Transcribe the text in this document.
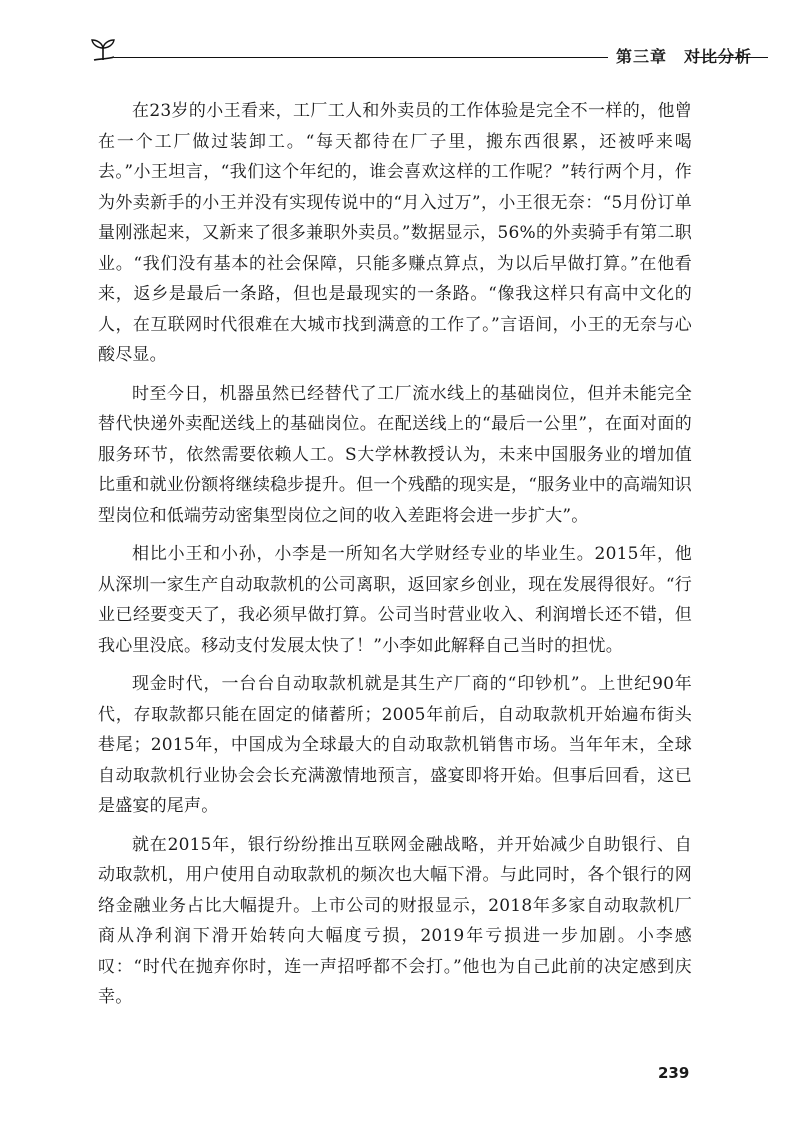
第三章　对比分析

在23岁的小王看来，工厂工人和外卖员的工作体验是完全不一样的，他曾在一个工厂做过装卸工。“每天都待在厂子里，搬东西很累，还被呼来喝去。”小王坦言，“我们这个年纪的，谁会喜欢这样的工作呢？”转行两个月，作为外卖新手的小王并没有实现传说中的“月入过万”，小王很无奈：“5月份订单量刚涨起来，又新来了很多兼职外卖员。”数据显示，56%的外卖骑手有第二职业。“我们没有基本的社会保障，只能多赚点算点，为以后早做打算。”在他看来，返乡是最后一条路，但也是最现实的一条路。“像我这样只有高中文化的人，在互联网时代很难在大城市找到满意的工作了。”言语间，小王的无奈与心酸尽显。

时至今日，机器虽然已经替代了工厂流水线上的基础岗位，但并未能完全替代快递外卖配送线上的基础岗位。在配送线上的“最后一公里”，在面对面的服务环节，依然需要依赖人工。S大学林教授认为，未来中国服务业的增加值比重和就业份额将继续稳步提升。但一个残酷的现实是，“服务业中的高端知识型岗位和低端劳动密集型岗位之间的收入差距将会进一步扩大”。

相比小王和小孙，小李是一所知名大学财经专业的毕业生。2015年，他从深圳一家生产自动取款机的公司离职，返回家乡创业，现在发展得很好。“行业已经要变天了，我必须早做打算。公司当时营业收入、利润增长还不错，但我心里没底。移动支付发展太快了！”小李如此解释自己当时的担忧。

现金时代，一台台自动取款机就是其生产厂商的“印钞机”。上世纪90年代，存取款都只能在固定的储蓄所；2005年前后，自动取款机开始遍布街头巷尾；2015年，中国成为全球最大的自动取款机销售市场。当年年末，全球自动取款机行业协会会长充满激情地预言，盛宴即将开始。但事后回看，这已是盛宴的尾声。

就在2015年，银行纷纷推出互联网金融战略，并开始减少自助银行、自动取款机，用户使用自动取款机的频次也大幅下滑。与此同时，各个银行的网络金融业务占比大幅提升。上市公司的财报显示，2018年多家自动取款机厂商从净利润下滑开始转向大幅度亏损，2019年亏损进一步加剧。小李感叹：“时代在抛弃你时，连一声招呼都不会打。”他也为自己此前的决定感到庆幸。

239
